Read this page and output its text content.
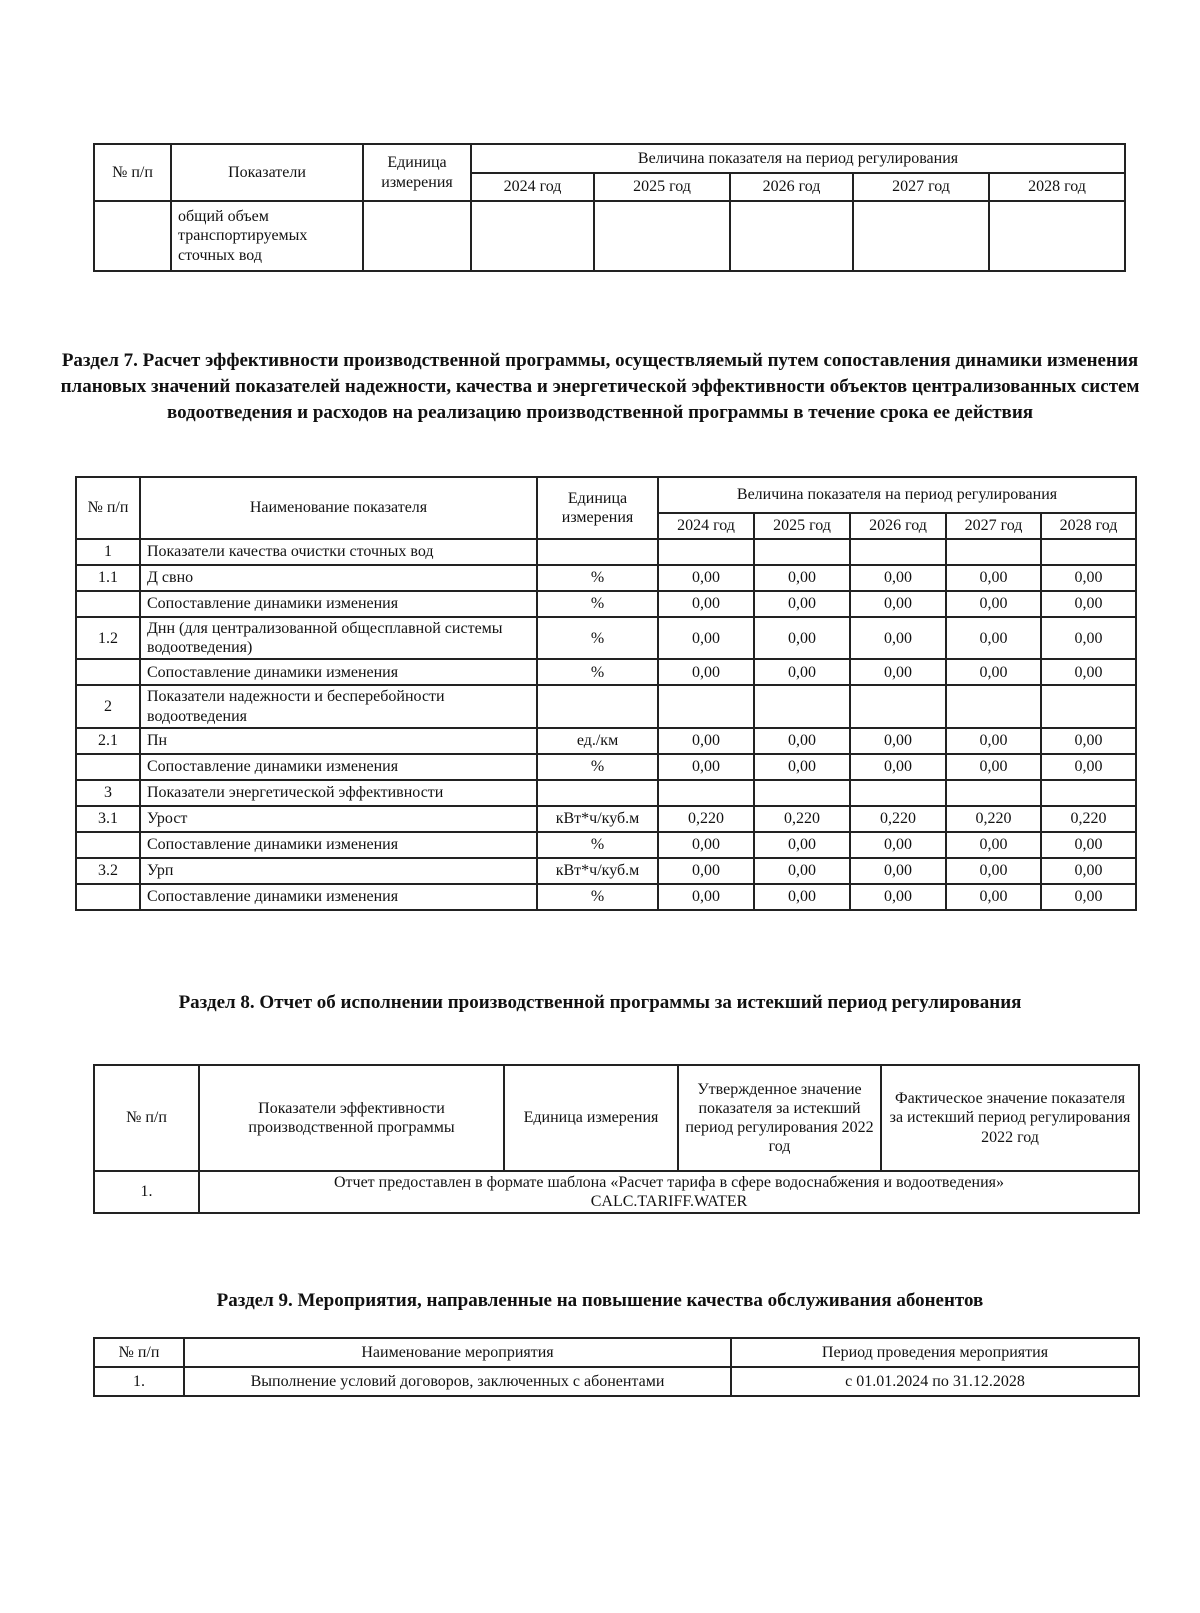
№ п/п	Показатели	Единица измерения	Величина показателя на период регулирования				
			2024 год	2025 год	2026 год	2027 год	2028 год
	общий объем транспортируемых сточных вод						
Раздел 7. Расчет эффективности производственной программы, осуществляемый путем сопоставления динамики изменения плановых значений показателей надежности, качества и энергетической эффективности объектов централизованных систем водоотведения и расходов на реализацию производственной программы в течение срока ее действия
№ п/п	Наименование показателя	Единица измерения	Величина показателя на период регулирования				
			2024 год	2025 год	2026 год	2027 год	2028 год
1	Показатели качества очистки сточных вод						
1.1	Д свно	%	0,00	0,00	0,00	0,00	0,00
	Сопоставление динамики изменения	%	0,00	0,00	0,00	0,00	0,00
1.2	Днн (для централизованной общесплавной системы водоотведения)	%	0,00	0,00	0,00	0,00	0,00
	Сопоставление динамики изменения	%	0,00	0,00	0,00	0,00	0,00
2	Показатели надежности и бесперебойности водоотведения						
2.1	Пн	ед./км	0,00	0,00	0,00	0,00	0,00
	Сопоставление динамики изменения	%	0,00	0,00	0,00	0,00	0,00
3	Показатели энергетической эффективности						
3.1	Урост	кВт*ч/куб.м	0,220	0,220	0,220	0,220	0,220
	Сопоставление динамики изменения	%	0,00	0,00	0,00	0,00	0,00
3.2	Урп	кВт*ч/куб.м	0,00	0,00	0,00	0,00	0,00
	Сопоставление динамики изменения	%	0,00	0,00	0,00	0,00	0,00
Раздел 8. Отчет об исполнении производственной программы за истекший период регулирования
№ п/п	Показатели эффективности производственной программы	Единица измерения	Утвержденное значение показателя за истекший период регулирования 2022 год	Фактическое значение показателя за истекший период регулирования 2022 год
1.	Отчет предоставлен в формате шаблона «Расчет тарифа в сфере водоснабжения и водоотведения» CALC.TARIFF.WATER			
Раздел 9. Мероприятия, направленные на повышение качества обслуживания абонентов
№ п/п	Наименование мероприятия	Период проведения мероприятия
1.	Выполнение условий договоров, заключенных с абонентами	с 01.01.2024 по 31.12.2028
